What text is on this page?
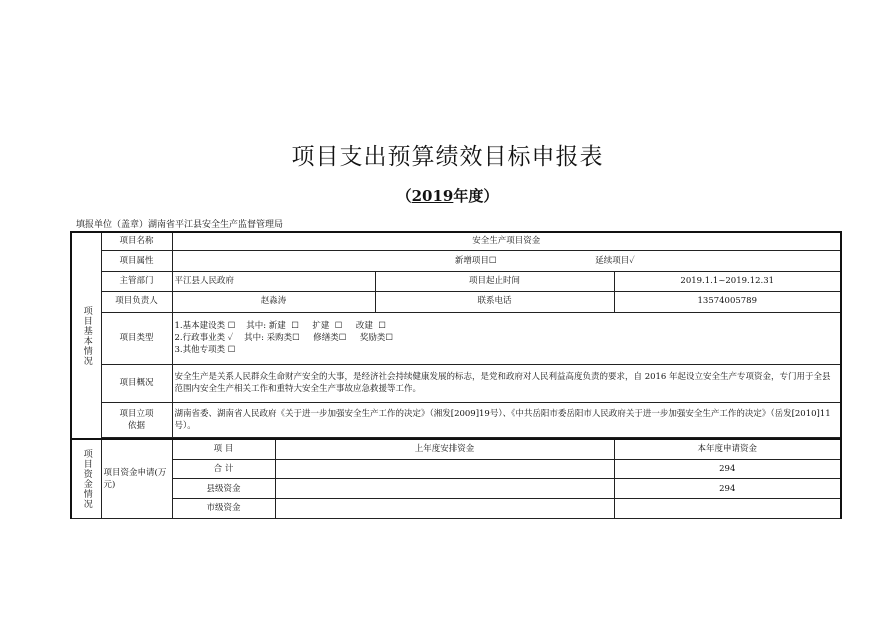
项目支出预算绩效目标申报表
（2019年度）
填报单位（盖章）湖南省平江县安全生产监督管理局
项目基本情况	项目名称	安全生产项目资金			
	项目属性	新增项目☐ 延续项目✓			
	主管部门	平江县人民政府		项目起止时间	2019.1.1~2019.12.31
	项目负责人	赵淼涛		联系电话	13574005789
	项目类型	1.基本建设类 ☐    其中: 新建  ☐     扩建  ☐     改建  ☐
2.行政事业类 ✓    其中: 采购类☐     修缮类☐     奖励类☐
3.其他专项类 ☐			

	项目概况	安全生产是关系人民群众生命财产安全的大事，是经济社会持续健康发展的标志，是党和政府对人民利益高度负责的要求，自 2016 年起设立安全生产专项资金，专门用于全县范围内安全生产相关工作和重特大安全生产事故应急救援等工作。			

	项目立项
依据	湖南省委、湖南省人民政府《关于进一步加强安全生产工作的决定》（湘发[2009]19号）、《中共岳阳市委岳阳市人民政府关于进一步加强安全生产工作的决定》（岳发[2010]11号）。			

项目资金情况	项目资金申请(万元)	项 目	上年度安排资金		本年度申请资金
		合 计			294
		县级资金			294
		市级资金			
